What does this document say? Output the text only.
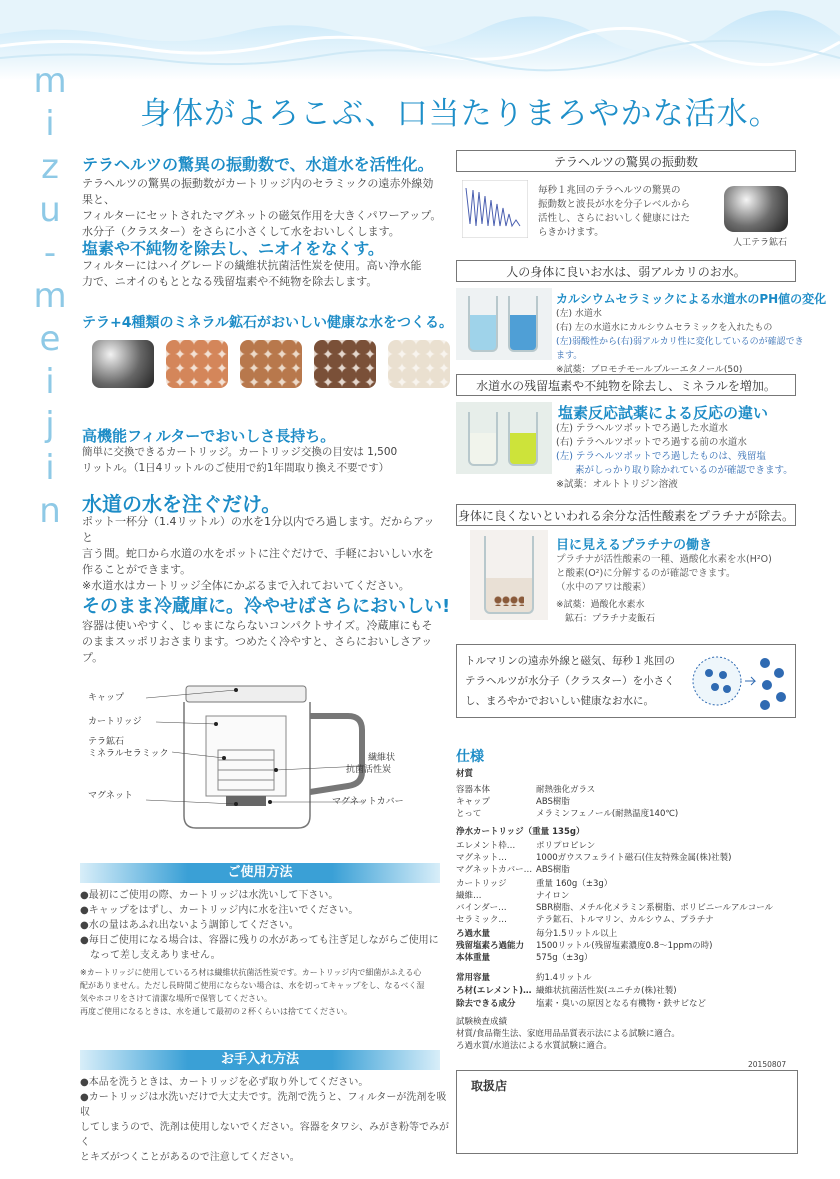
m
i
z
u
-
m
e
i
j
i
n
身体がよろこぶ、口当たりまろやかな活水。
テラヘルツの驚異の振動数で、水道水を活性化。
テラヘルツの驚異の振動数がカートリッジ内のセラミックの遠赤外線効果と、
フィルターにセットされたマグネットの磁気作用を大きくパワーアップ。
水分子（クラスター）をさらに小さくして水をおいしくします。
塩素や不純物を除去し、ニオイをなくす。
フィルターにはハイグレードの繊維状抗菌活性炭を使用。高い浄水能
力で、ニオイのもととなる残留塩素や不純物を除去します。
テラ+4種類のミネラル鉱石がおいしい健康な水をつくる。
高機能フィルターでおいしさ長持ち。
簡単に交換できるカートリッジ。カートリッジ交換の目安は 1,500
リットル。（1日4リットルのご使用で約1年間取り換え不要です）
水道の水を注ぐだけ。
ポット一杯分（1.4リットル）の水を1分以内でろ過します。だからアッと
言う間。蛇口から水道の水をポットに注ぐだけで、手軽においしい水を
作ることができます。
※水道水はカートリッジ全体にかぶるまで入れておいてください。
そのまま冷蔵庫に。冷やせばさらにおいしい!
容器は使いやすく、じゃまにならないコンパクトサイズ。冷蔵庫にもそ
のままスッポリおさまります。つめたく冷やすと、さらにおいしさアップ。
キャップ
カートリッジ
テラ鉱石
ミネラルセラミック
マグネット
繊維状
抗菌活性炭
マグネットカバー
ご使用方法
●最初にご使用の際、カートリッジは水洗いして下さい。
●キャップをはずし、カートリッジ内に水を注いでください。
●水の量はあふれ出ないよう調節してください。
●毎日ご使用になる場合は、容器に残りの水があっても注ぎ足しながらご使用に
　なって差し支えありません。
※カートリッジに使用しているろ材は繊維状抗菌活性炭です。カートリッジ内で細菌がふえる心
配がありません。ただし長時間ご使用にならない場合は、水を切ってキャップをし、なるべく湿
気やホコリをさけて清潔な場所で保管してください。
再度ご使用になるときは、水を通して最初の２杯くらいは捨ててください。
お手入れ方法
●本品を洗うときは、カートリッジを必ず取り外してください。
●カートリッジは水洗いだけで大丈夫です。洗剤で洗うと、フィルターが洗剤を吸収
してしまうので、洗剤は使用しないでください。容器をタワシ、みがき粉等でみがく
とキズがつくことがあるので注意してください。
テラヘルツの驚異の振動数
毎秒１兆回のテラヘルツの驚異の
振動数と波長が水を分子レベルから
活性し、さらにおいしく健康にはた
らきかけます。
人工テラ鉱石
人の身体に良いお水は、弱アルカリのお水。
カルシウムセラミックによる水道水のPH値の変化
(左) 水道水
(右) 左の水道水にカルシウムセラミックを入れたもの
(左)弱酸性から(右)弱アルカリ性に変化しているのが確認できます。
※試薬：ブロモチモールブルーエタノール(50)
水道水の残留塩素や不純物を除去し、ミネラルを増加。
塩素反応試薬による反応の違い
(左) テラヘルツポットでろ過した水道水
(右) テラヘルツポットでろ過する前の水道水
(左) テラヘルツポットでろ過したものは、残留塩
　　素がしっかり取り除かれているのが確認できます。
※試薬：オルトトリジン溶液
身体に良くないといわれる余分な活性酸素をプラチナが除去。
目に見えるプラチナの働き
プラチナが活性酸素の一種、過酸化水素を水(H²O)
と酸素(O²)に分解するのが確認できます。
（水中のアワは酸素）
※試薬：過酸化水素水
　鉱石：プラチナ麦飯石
トルマリンの遠赤外線と磁気、毎秒１兆回の
テラヘルツが水分子（クラスター）を小さく
し、まろやかでおいしい健康なお水に。
仕様
材質
容器本体	耐熱強化ガラス
キャップ	ABS樹脂
とって	メラミンフェノール(耐熱温度140℃)
浄水カートリッジ（重量 135g）
エレメント枠… ポリプロピレン
マグネット…	1000ガウスフェライト磁石(住友特殊金属(株)社製)
マグネットカバー… ABS樹脂
カートリッジ	重量 160g（±3g）
繊維…	ナイロン
バインダー…	SBR樹脂、メチル化メラミン系樹脂、ポリビニールアルコール
セラミック…	テラ鉱石、トルマリン、カルシウム、プラチナ
ろ過水量	毎分1.5リットル以上
残留塩素ろ過能力 1500リットル(残留塩素濃度0.8〜1ppmの時)
本体重量	575g（±3g）
常用容量	約1.4リットル
ろ材(エレメント)… 繊維状抗菌活性炭(ユニチカ(株)社製)
除去できる成分 塩素・臭いの原因となる有機物・鉄サビなど
試験検査成績
材質/食品衛生法、家庭用品品質表示法による試験に適合。
ろ過水質/水道法による水質試験に適合。
20150807
取扱店
